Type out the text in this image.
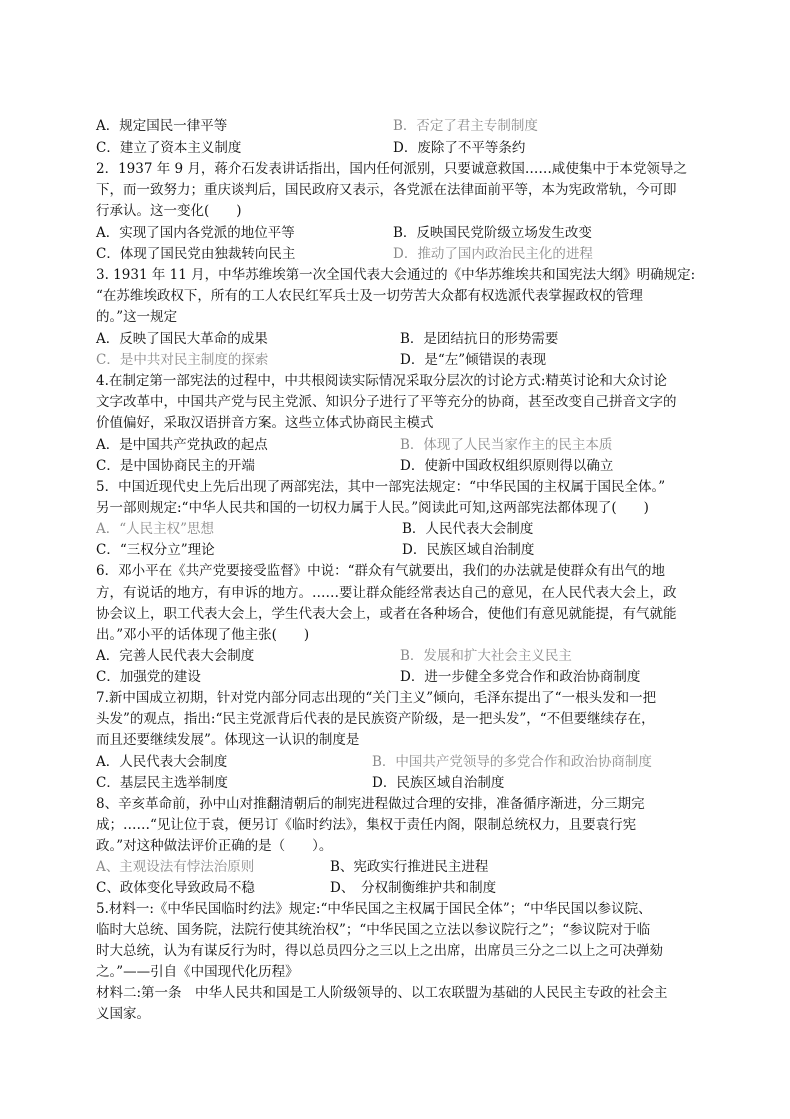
A．规定国民一律平等	B．否定了君主专制制度
C．建立了资本主义制度	D．废除了不平等条约
2．1937 年 9 月，蒋介石发表讲话指出，国内任何派别，只要诚意救国……咸使集中于本党领导之
下，而一致努力；重庆谈判后，国民政府又表示，各党派在法律面前平等，本为宪政常轨，今可即
行承认。这一变化(　　)
A．实现了国内各党派的地位平等	B．反映国民党阶级立场发生改变
C．体现了国民党由独裁转向民主	D．推动了国内政治民主化的进程
3. 1931 年 11 月，中华苏维埃第一次全国代表大会通过的《中华苏维埃共和国宪法大纲》明确规定:
“在苏维埃政权下，所有的工人农民红军兵士及一切劳苦大众都有权选派代表掌握政权的管理
的。”这一规定
A．反映了国民大革命的成果	B．是团结抗日的形势需要
C．是中共对民主制度的探索	D．是“左”倾错误的表现
4.在制定第一部宪法的过程中，中共根阅读实际情况采取分层次的讨论方式:精英讨论和大众讨论
文字改革中，中国共产党与民主党派、知识分子进行了平等充分的协商，甚至改变自己拼音文字的
价值偏好，采取汉语拼音方案。这些立体式协商民主模式
A．是中国共产党执政的起点	B．体现了人民当家作主的民主本质
C．是中国协商民主的开端	D．使新中国政权组织原则得以确立
5．中国近现代史上先后出现了两部宪法，其中一部宪法规定：“中华民国的主权属于国民全体。”
另一部则规定:“中华人民共和国的一切权力属于人民。”阅读此可知,这两部宪法都体现了(　　)
A．“人民主权”思想	B．人民代表大会制度
C．“三权分立”理论	D．民族区域自治制度
6．邓小平在《共产党要接受监督》中说：“群众有气就要出，我们的办法就是使群众有出气的地
方，有说话的地方，有申诉的地方。……要让群众能经常表达自己的意见，在人民代表大会上，政
协会议上，职工代表大会上，学生代表大会上，或者在各种场合，使他们有意见就能提，有气就能
出。”邓小平的话体现了他主张(　　)
A．完善人民代表大会制度	B．发展和扩大社会主义民主
C．加强党的建设	D．进一步健全多党合作和政治协商制度
7.新中国成立初期，针对党内部分同志出现的“关门主义”倾向，毛泽东提出了“一根头发和一把
头发”的观点，指出:“民主党派背后代表的是民族资产阶级，是一把头发”，“不但要继续存在，
而且还要继续发展”。体现这一认识的制度是
A．人民代表大会制度	B．中国共产党领导的多党合作和政治协商制度
C．基层民主选举制度	D．民族区域自治制度
8、辛亥革命前，孙中山对推翻清朝后的制宪进程做过合理的安排，准备循序渐进，分三期完
成；……“见让位于袁，便另订《临时约法》，集权于责任内阁，限制总统权力，且要袁行宪
政。”对这种做法评价正确的是（　　）。
A、主观设法有悖法治原则	B、宪政实行推进民主进程
C、政体变化导致政局不稳	D、　分权制衡维护共和制度
5.材料一:《中华民国临时约法》规定:“中华民国之主权属于国民全体”；“中华民国以参议院、
临时大总统、国务院，法院行使其统治权”；“中华民国之立法以参议院行之”；“参议院对于临
时大总统，认为有谋反行为时，得以总员四分之三以上之出席，出席员三分之二以上之可决弹劾
之。”——引自《中国现代化历程》
材料二:第一条　中华人民共和国是工人阶级领导的、以工农联盟为基础的人民民主专政的社会主
义国家。
